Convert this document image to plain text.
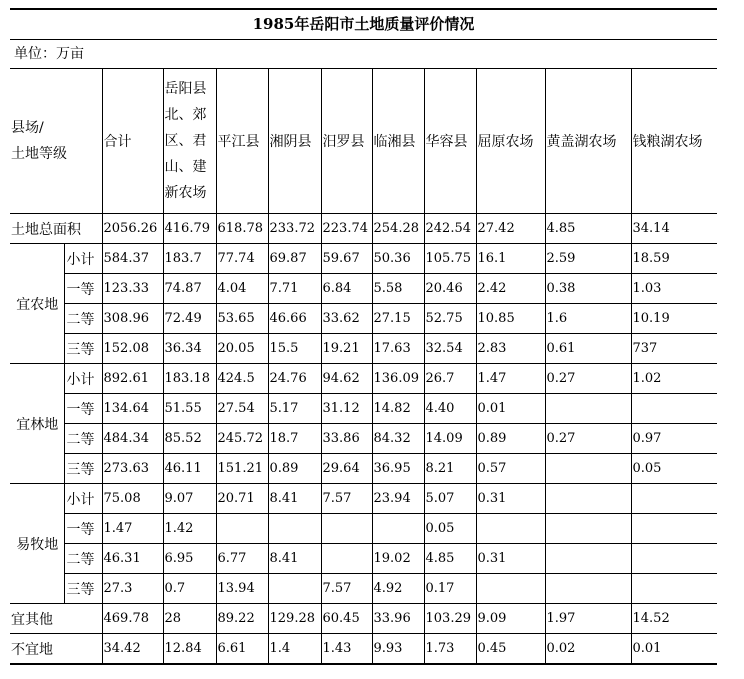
1985年岳阳市土地质量评价情况
单位：万亩
县场/
土地等级		合计	岳阳县北、郊区、君山、建新农场	平江县	湘阴县	汨罗县	临湘县	华容县	屈原农场	黄盖湖农场	钱粮湖农场
土地总面积		2056.26	416.79	618.78	233.72	223.74	254.28	242.54	27.42	4.85	34.14
宜农地	小计	584.37	183.7	77.74	69.87	59.67	50.36	105.75	16.1	2.59	18.59
	一等	123.33	74.87	4.04	7.71	6.84	5.58	20.46	2.42	0.38	1.03
	二等	308.96	72.49	53.65	46.66	33.62	27.15	52.75	10.85	1.6	10.19
	三等	152.08	36.34	20.05	15.5	19.21	17.63	32.54	2.83	0.61	737
宜林地	小计	892.61	183.18	424.5	24.76	94.62	136.09	26.7	1.47	0.27	1.02
	一等	134.64	51.55	27.54	5.17	31.12	14.82	4.40	0.01		
	二等	484.34	85.52	245.72	18.7	33.86	84.32	14.09	0.89	0.27	0.97
	三等	273.63	46.11	151.21	0.89	29.64	36.95	8.21	0.57		0.05
易牧地	小计	75.08	9.07	20.71	8.41	7.57	23.94	5.07	0.31		
	一等	1.47	1.42					0.05			
	二等	46.31	6.95	6.77	8.41		19.02	4.85	0.31		
	三等	27.3	0.7	13.94		7.57	4.92	0.17			
宜其他		469.78	28	89.22	129.28	60.45	33.96	103.29	9.09	1.97	14.52
不宜地		34.42	12.84	6.61	1.4	1.43	9.93	1.73	0.45	0.02	0.01
